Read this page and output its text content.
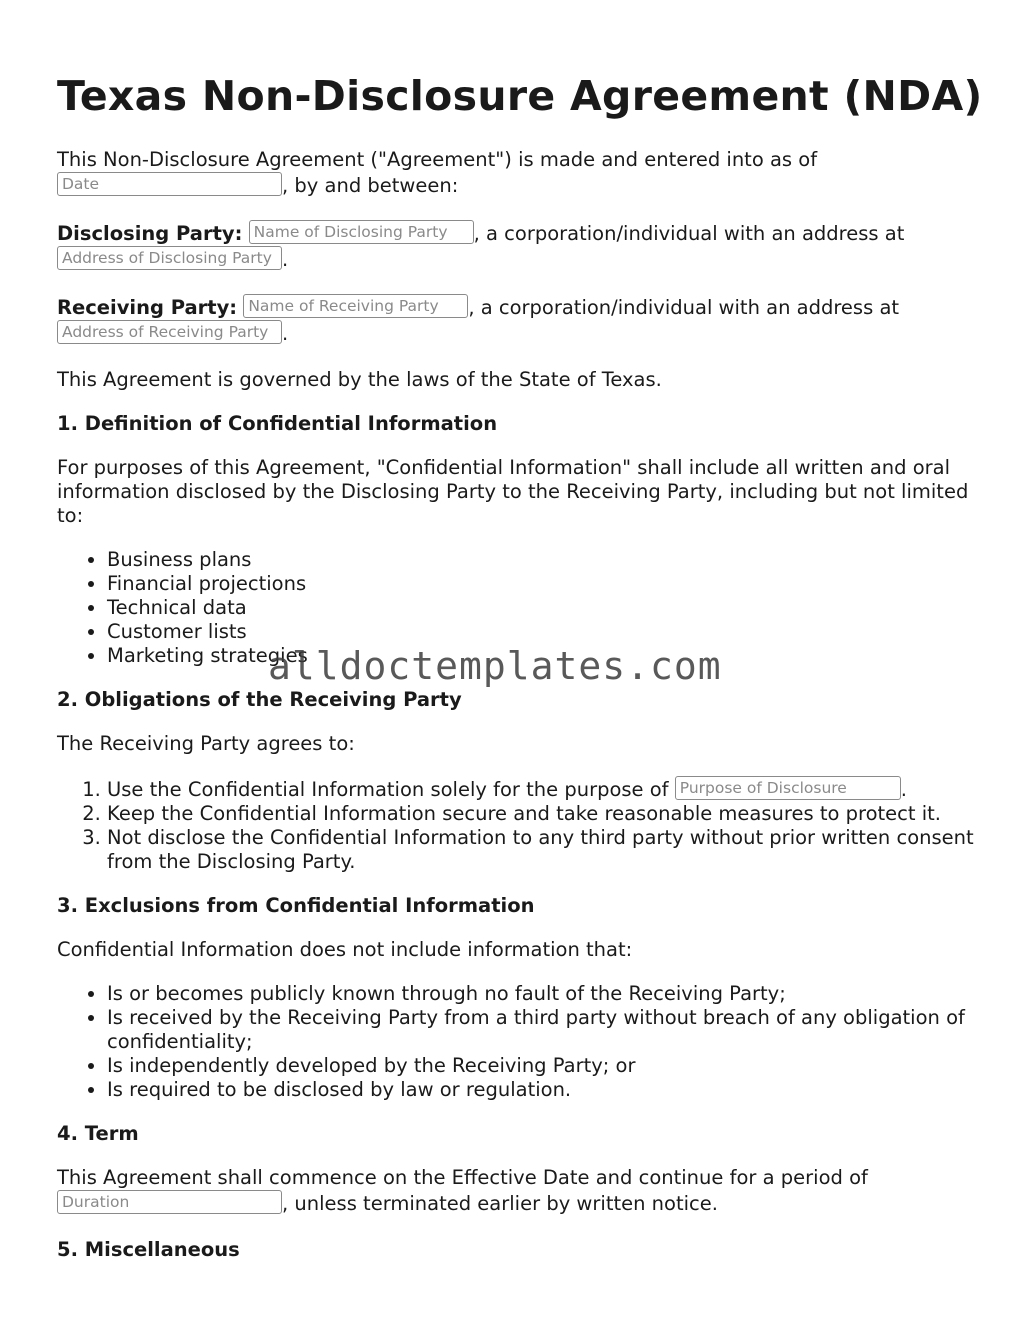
Texas Non-Disclosure Agreement (NDA)

This Non-Disclosure Agreement ("Agreement") is made and entered into as of
Date	, by and between:

Disclosing Party: Name of Disclosing Party , a corporation/individual with an address at
Address of Disclosing Party .

Receiving Party: Name of Receiving Party , a corporation/individual with an address at
Address of Receiving Party .

This Agreement is governed by the laws of the State of Texas.

1. Definition of Confidential Information

For purposes of this Agreement, "Confidential Information" shall include all written and oral information disclosed by the Disclosing Party to the Receiving Party, including but not limited to:

• Business plans
• Financial projections
• Technical data
• Customer lists
• Marketing strategies
2. Obligations of the Receiving Party

The Receiving Party agrees to:

1. Use the Confidential Information solely for the purpose of Purpose of Disclosure	.
2. Keep the Confidential Information secure and take reasonable measures to protect it.
3. Not disclose the Confidential Information to any third party without prior written consent from the Disclosing Party.
3. Exclusions from Confidential Information

Confidential Information does not include information that:

• Is or becomes publicly known through no fault of the Receiving Party;
• Is received by the Receiving Party from a third party without breach of any obligation of confidentiality;
• Is independently developed by the Receiving Party; or
• Is required to be disclosed by law or regulation.
4. Term

This Agreement shall commence on the Effective Date and continue for a period of
Duration	, unless terminated earlier by written notice.

5. Miscellaneous
alldoctemplates.com
